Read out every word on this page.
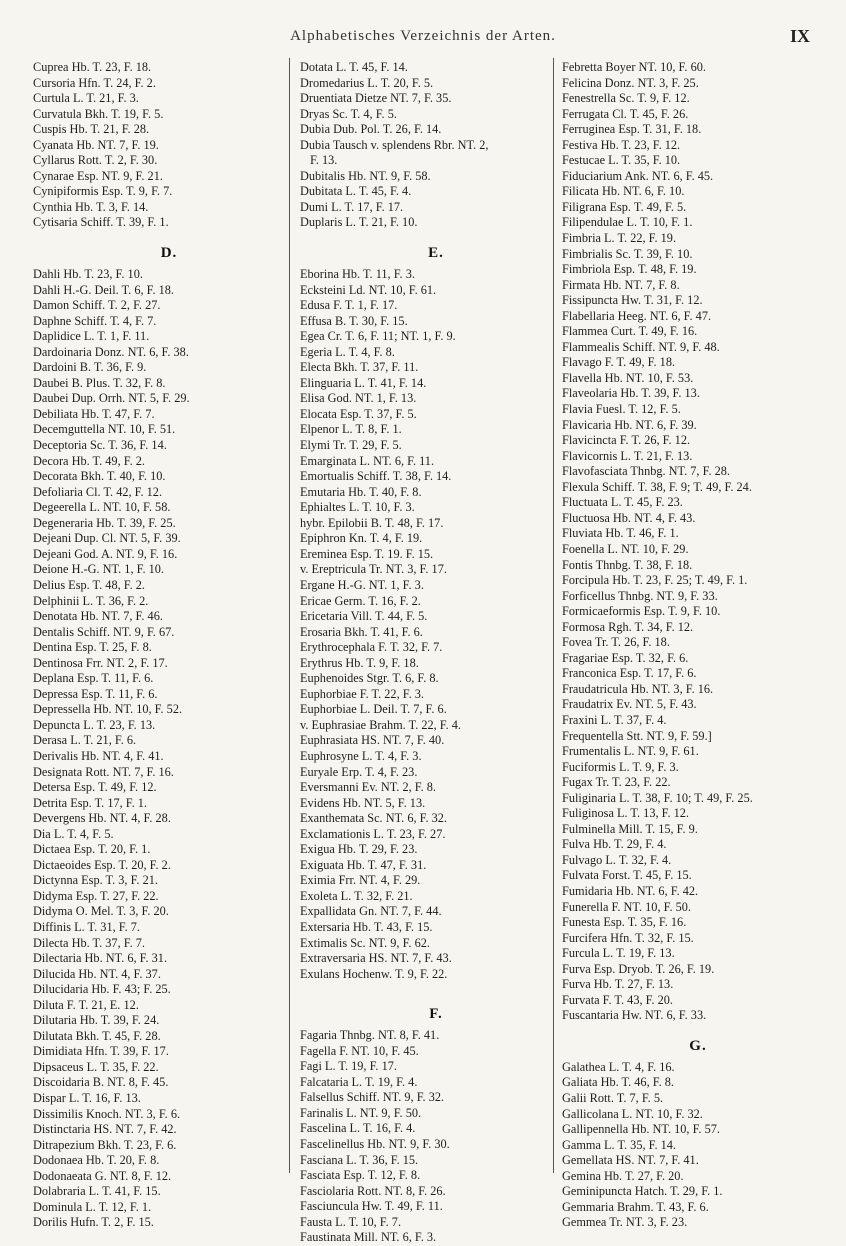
Alphabetisches Verzeichnis der Arten.	IX
Cuprea Hb. T. 23, F. 18.
Cursoria Hfn. T. 24, F. 2.
Curtula L. T. 21, F. 3.
Curvatula Bkh. T. 19, F. 5.
Cuspis Hb. T. 21, F. 28.
Cyanata Hb. NT. 7, F. 19.
Cyllarus Rott. T. 2, F. 30.
Cynarae Esp. NT. 9, F. 21.
Cynipiformis Esp. T. 9, F. 7.
Cynthia Hb. T. 3, F. 14.
Cytisaria Schiff. T. 39, F. 1.
D.
Dahli Hb. T. 23, F. 10.
Dahli H.-G. Deil. T. 6, F. 18.
Damon Schiff. T. 2, F. 27.
Daphne Schiff. T. 4, F. 7.
Daplidice L. T. 1, F. 11.
Dardoinaria Donz. NT. 6, F. 38.
Dardoini B. T. 36, F. 9.
Daubei B. Plus. T. 32, F. 8.
Daubei Dup. Orrh. NT. 5, F. 29.
Debiliata Hb. T. 47, F. 7.
Decemguttella NT. 10, F. 51.
Deceptoria Sc. T. 36, F. 14.
Decora Hb. T. 49, F. 2.
Decorata Bkh. T. 40, F. 10.
Defoliaria Cl. T. 42, F. 12.
Degeerella L. NT. 10, F. 58.
Degeneraria Hb. T. 39, F. 25.
Dejeani Dup. Cl. NT. 5, F. 39.
Dejeani God. A. NT. 9, F. 16.
Deione H.-G. NT. 1, F. 10.
Delius Esp. T. 48, F. 2.
Delphinii L. T. 36, F. 2.
Denotata Hb. NT. 7, F. 46.
Dentalis Schiff. NT. 9, F. 67.
Dentina Esp. T. 25, F. 8.
Dentinosa Frr. NT. 2, F. 17.
Deplana Esp. T. 11, F. 6.
Depressa Esp. T. 11, F. 6.
Depressella Hb. NT. 10, F. 52.
Depuncta L. T. 23, F. 13.
Derasa L. T. 21, F. 6.
Derivalis Hb. NT. 4, F. 41.
Designata Rott. NT. 7, F. 16.
Detersa Esp. T. 49, F. 12.
Detrita Esp. T. 17, F. 1.
Devergens Hb. NT. 4, F. 28.
Dia L. T. 4, F. 5.
Dictaea Esp. T. 20, F. 1.
Dictaeoides Esp. T. 20, F. 2.
Dictynna Esp. T. 3, F. 21.
Didyma Esp. T. 27, F. 22.
Didyma O. Mel. T. 3, F. 20.
Diffinis L. T. 31, F. 7.
Dilecta Hb. T. 37, F. 7.
Dilectaria Hb. NT. 6, F. 31.
Dilucida Hb. NT. 4, F. 37.
Dilucidaria Hb. F. 43; F. 25.
Diluta F. T. 21, E. 12.
Dilutaria Hb. T. 39, F. 24.
Dilutata Bkh. T. 45, F. 28.
Dimidiata Hfn. T. 39, F. 17.
Dipsaceus L. T. 35, F. 22.
Discoidaria B. NT. 8, F. 45.
Dispar L. T. 16, F. 13.
Dissimilis Knoch. NT. 3, F. 6.
Distinctaria HS. NT. 7, F. 42.
Ditrapezium Bkh. T. 23, F. 6.
Dodonaea Hb. T. 20, F. 8.
Dodonaeata G. NT. 8, F. 12.
Dolabraria L. T. 41, F. 15.
Dominula L. T. 12, F. 1.
Dorilis Hufn. T. 2, F. 15.
Dotata L. T. 45, F. 14.
Dromedarius L. T. 20, F. 5.
Druentiata Dietze NT. 7, F. 35.
Dryas Sc. T. 4, F. 5.
Dubia Dub. Pol. T. 26, F. 14.
Dubia Tausch v. splendens Rbr. NT. 2,
F. 13.
Dubitalis Hb. NT. 9, F. 58.
Dubitata L. T. 45, F. 4.
Dumi L. T. 17, F. 17.
Duplaris L. T. 21, F. 10.
E.
Eborina Hb. T. 11, F. 3.
Ecksteini Ld. NT. 10, F. 61.
Edusa F. T. 1, F. 17.
Effusa B. T. 30, F. 15.
Egea Cr. T. 6, F. 11; NT. 1, F. 9.
Egeria L. T. 4, F. 8.
Electa Bkh. T. 37, F. 11.
Elinguaria L. T. 41, F. 14.
Elisa God. NT. 1, F. 13.
Elocata Esp. T. 37, F. 5.
Elpenor L. T. 8, F. 1.
Elymi Tr. T. 29, F. 5.
Emarginata L. NT. 6, F. 11.
Emortualis Schiff. T. 38, F. 14.
Emutaria Hb. T. 40, F. 8.
Ephialtes L. T. 10, F. 3.
hybr. Epilobii B. T. 48, F. 17.
Epiphron Kn. T. 4, F. 19.
Ereminea Esp. T. 19. F. 15.
v. Ereptricula Tr. NT. 3, F. 17.
Ergane H.-G. NT. 1, F. 3.
Ericae Germ. T. 16, F. 2.
Ericetaria Vill. T. 44, F. 5.
Erosaria Bkh. T. 41, F. 6.
Erythrocephala F. T. 32, F. 7.
Erythrus Hb. T. 9, F. 18.
Euphenoides Stgr. T. 6, F. 8.
Euphorbiae F. T. 22, F. 3.
Euphorbiae L. Deil. T. 7, F. 6.
v. Euphrasiae Brahm. T. 22, F. 4.
Euphrasiata HS. NT. 7, F. 40.
Euphrosyne L. T. 4, F. 3.
Euryale Erp. T. 4, F. 23.
Eversmanni Ev. NT. 2, F. 8.
Evidens Hb. NT. 5, F. 13.
Exanthemata Sc. NT. 6, F. 32.
Exclamationis L. T. 23, F. 27.
Exigua Hb. T. 29, F. 23.
Exiguata Hb. T. 47, F. 31.
Eximia Frr. NT. 4, F. 29.
Exoleta L. T. 32, F. 21.
Expallidata Gn. NT. 7, F. 44.
Extersaria Hb. T. 43, F. 15.
Extimalis Sc. NT. 9, F. 62.
Extraversaria HS. NT. 7, F. 43.
Exulans Hochenw. T. 9, F. 22.
F.
Fagaria Thnbg. NT. 8, F. 41.
Fagella F. NT. 10, F. 45.
Fagi L. T. 19, F. 17.
Falcataria L. T. 19, F. 4.
Falsellus Schiff. NT. 9, F. 32.
Farinalis L. NT. 9, F. 50.
Fascelina L. T. 16, F. 4.
Fascelinellus Hb. NT. 9, F. 30.
Fasciana L. T. 36, F. 15.
Fasciata Esp. T. 12, F. 8.
Fasciolaria Rott. NT. 8, F. 26.
Fasciuncula Hw. T. 49, F. 11.
Fausta L. T. 10, F. 7.
Faustinata Mill. NT. 6, F. 3.
Febretta Boyer NT. 10, F. 60.
Felicina Donz. NT. 3, F. 25.
Fenestrella Sc. T. 9, F. 12.
Ferrugata Cl. T. 45, F. 26.
Ferruginea Esp. T. 31, F. 18.
Festiva Hb. T. 23, F. 12.
Festucae L. T. 35, F. 10.
Fiduciarium Ank. NT. 6, F. 45.
Filicata Hb. NT. 6, F. 10.
Filigrana Esp. T. 49, F. 5.
Filipendulae L. T. 10, F. 1.
Fimbria L. T. 22, F. 19.
Fimbrialis Sc. T. 39, F. 10.
Fimbriola Esp. T. 48, F. 19.
Firmata Hb. NT. 7, F. 8.
Fissipuncta Hw. T. 31, F. 12.
Flabellaria Heeg. NT. 6, F. 47.
Flammea Curt. T. 49, F. 16.
Flammealis Schiff. NT. 9, F. 48.
Flavago F. T. 49, F. 18.
Flavella Hb. NT. 10, F. 53.
Flaveolaria Hb. T. 39, F. 13.
Flavia Fuesl. T. 12, F. 5.
Flavicaria Hb. NT. 6, F. 39.
Flavicincta F. T. 26, F. 12.
Flavicornis L. T. 21, F. 13.
Flavofasciata Thnbg. NT. 7, F. 28.
Flexula Schiff. T. 38, F. 9; T. 49, F. 24.
Fluctuata L. T. 45, F. 23.
Fluctuosa Hb. NT. 4, F. 43.
Fluviata Hb. T. 46, F. 1.
Foenella L. NT. 10, F. 29.
Fontis Thnbg. T. 38, F. 18.
Forcipula Hb. T. 23, F. 25; T. 49, F. 1.
Forficellus Thnbg. NT. 9, F. 33.
Formicaeformis Esp. T. 9, F. 10.
Formosa Rgh. T. 34, F. 12.
Fovea Tr. T. 26, F. 18.
Fragariae Esp. T. 32, F. 6.
Franconica Esp. T. 17, F. 6.
Fraudatricula Hb. NT. 3, F. 16.
Fraudatrix Ev. NT. 5, F. 43.
Fraxini L. T. 37, F. 4.
Frequentella Stt. NT. 9, F. 59.]
Frumentalis L. NT. 9, F. 61.
Fuciformis L. T. 9, F. 3.
Fugax Tr. T. 23, F. 22.
Fuliginaria L. T. 38, F. 10; T. 49, F. 25.
Fuliginosa L. T. 13, F. 12.
Fulminella Mill. T. 15, F. 9.
Fulva Hb. T. 29, F. 4.
Fulvago L. T. 32, F. 4.
Fulvata Forst. T. 45, F. 15.
Fumidaria Hb. NT. 6, F. 42.
Funerella F. NT. 10, F. 50.
Funesta Esp. T. 35, F. 16.
Furcifera Hfn. T. 32, F. 15.
Furcula L. T. 19, F. 13.
Furva Esp. Dryob. T. 26, F. 19.
Furva Hb. T. 27, F. 13.
Furvata F. T. 43, F. 20.
Fuscantaria Hw. NT. 6, F. 33.
G.
Galathea L. T. 4, F. 16.
Galiata Hb. T. 46, F. 8.
Galii Rott. T. 7, F. 5.
Gallicolana L. NT. 10, F. 32.
Gallipennella Hb. NT. 10, F. 57.
Gamma L. T. 35, F. 14.
Gemellata HS. NT. 7, F. 41.
Gemina Hb. T. 27, F. 20.
Geminipuncta Hatch. T. 29, F. 1.
Gemmaria Brahm. T. 43, F. 6.
Gemmea Tr. NT. 3, F. 23.
